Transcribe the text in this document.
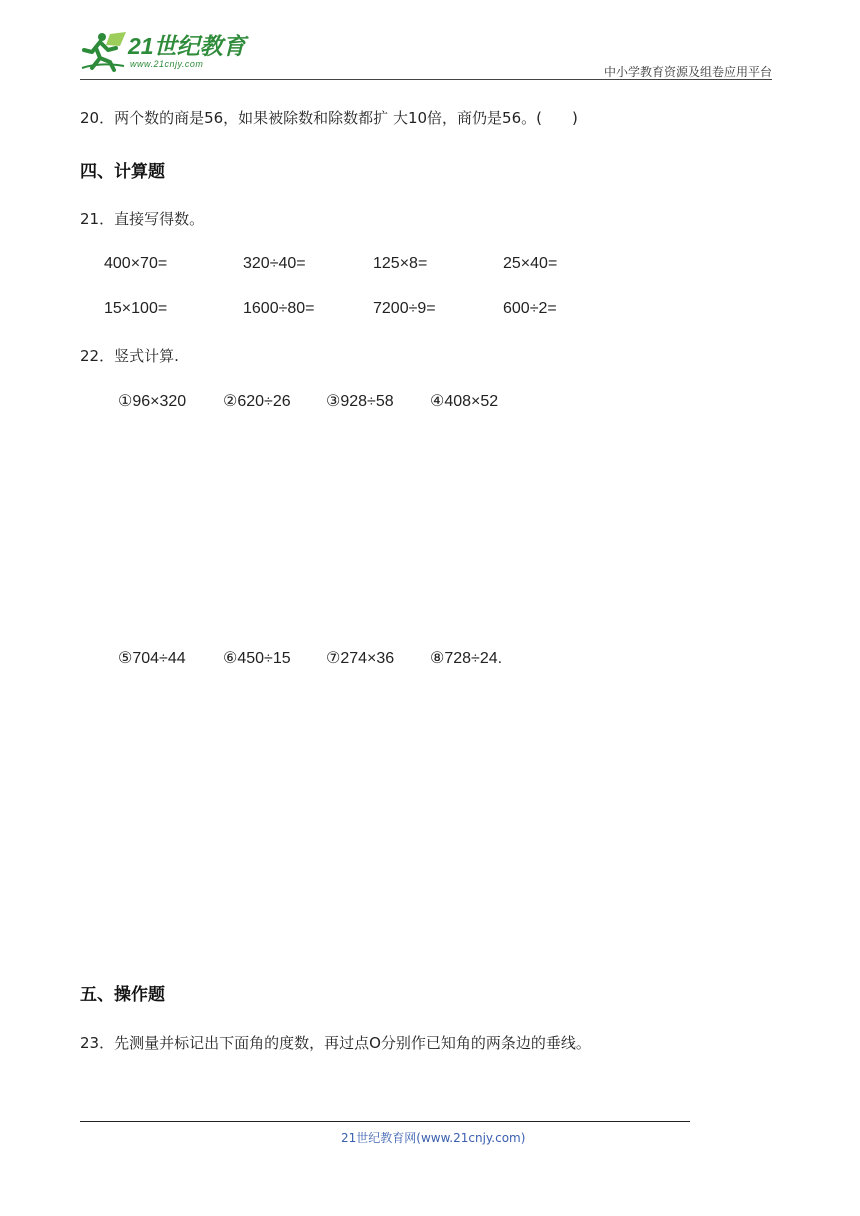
21世纪教育
www.21cnjy.com
中小学教育资源及组卷应用平台
20．两个数的商是56，如果被除数和除数都扩 大10倍，商仍是56。(　　)
四、计算题
21．直接写得数。
400×70=	320÷40=	125×8=	25×40=
15×100=	1600÷80=	7200÷9=	600÷2=
22．竖式计算.
①96×320 ②620÷26 ③928÷58 ④408×52
⑤704÷44 ⑥450÷15 ⑦274×36 ⑧728÷24.
五、操作题
23．先测量并标记出下面角的度数，再过点O分别作已知角的两条边的垂线。
21世纪教育网(www.21cnjy.com)
